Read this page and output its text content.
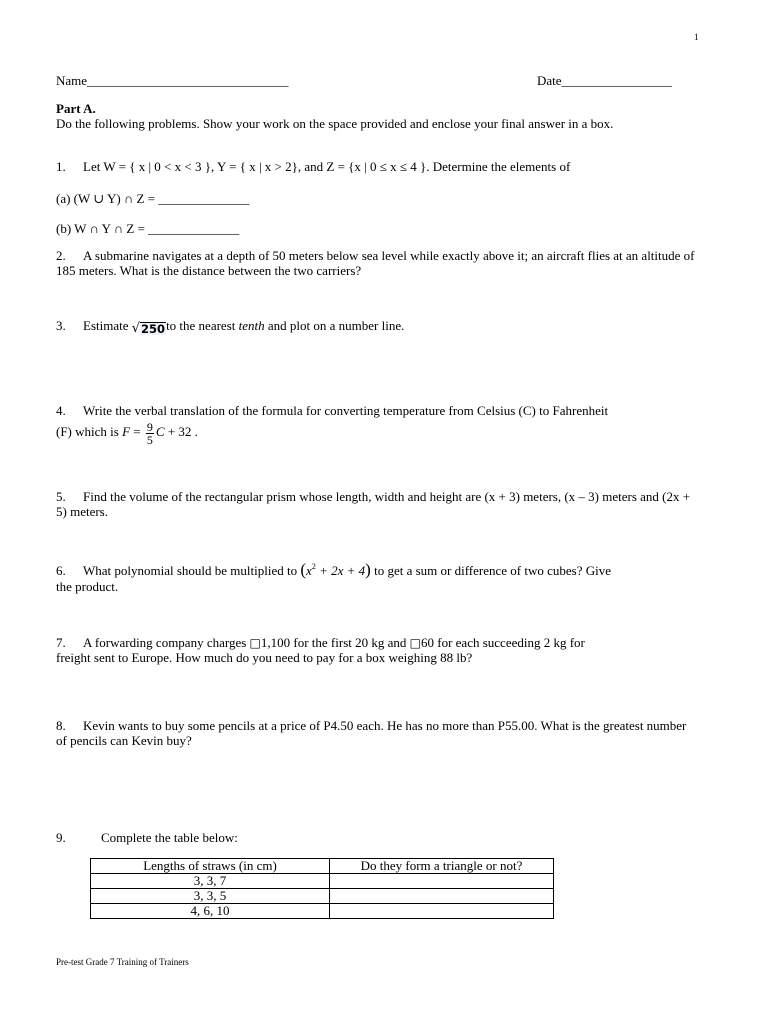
1
Name_______________________________	Date_________________
Part A.
Do the following problems. Show your work on the space provided and enclose your final answer in a box.
1. Let W = { x | 0 < x < 3 }, Y = { x | x > 2}, and Z = {x | 0 ≤ x ≤ 4 }. Determine the elements of
(a) (W ∪ Y) ∩ Z = ______________
(b) W ∩ Y ∩ Z = ______________
2. A submarine navigates at a depth of 50 meters below sea level while exactly above it; an aircraft flies at an altitude of 185 meters. What is the distance between the two carriers?
3. Estimate √ 250 to the nearest tenth and plot on a number line.
4. Write the verbal translation of the formula for converting temperature from Celsius (C) to Fahrenheit
(F) which is $F = \frac{9}{5}$ C + 32 .
5. Find the volume of the rectangular prism whose length, width and height are (x + 3) meters, (x – 3) meters and (2x + 5) meters.
6. What polynomial should be multiplied to $(x^2 + 2x + 4)$ to get a sum or difference of two cubes? Give
the product.
7. A forwarding company charges □1,100 for the first 20 kg and □60 for each succeeding 2 kg for
freight sent to Europe. How much do you need to pay for a box weighing 88 lb?
8. Kevin wants to buy some pencils at a price of P4.50 each. He has no more than P55.00. What is the greatest number of pencils can Kevin buy?
9.	Complete the table below:
Lengths of straws (in cm)	Do they form a triangle or not?
3, 3, 7	
3, 3, 5	
4, 6, 10	
Pre-test Grade 7 Training of Trainers
